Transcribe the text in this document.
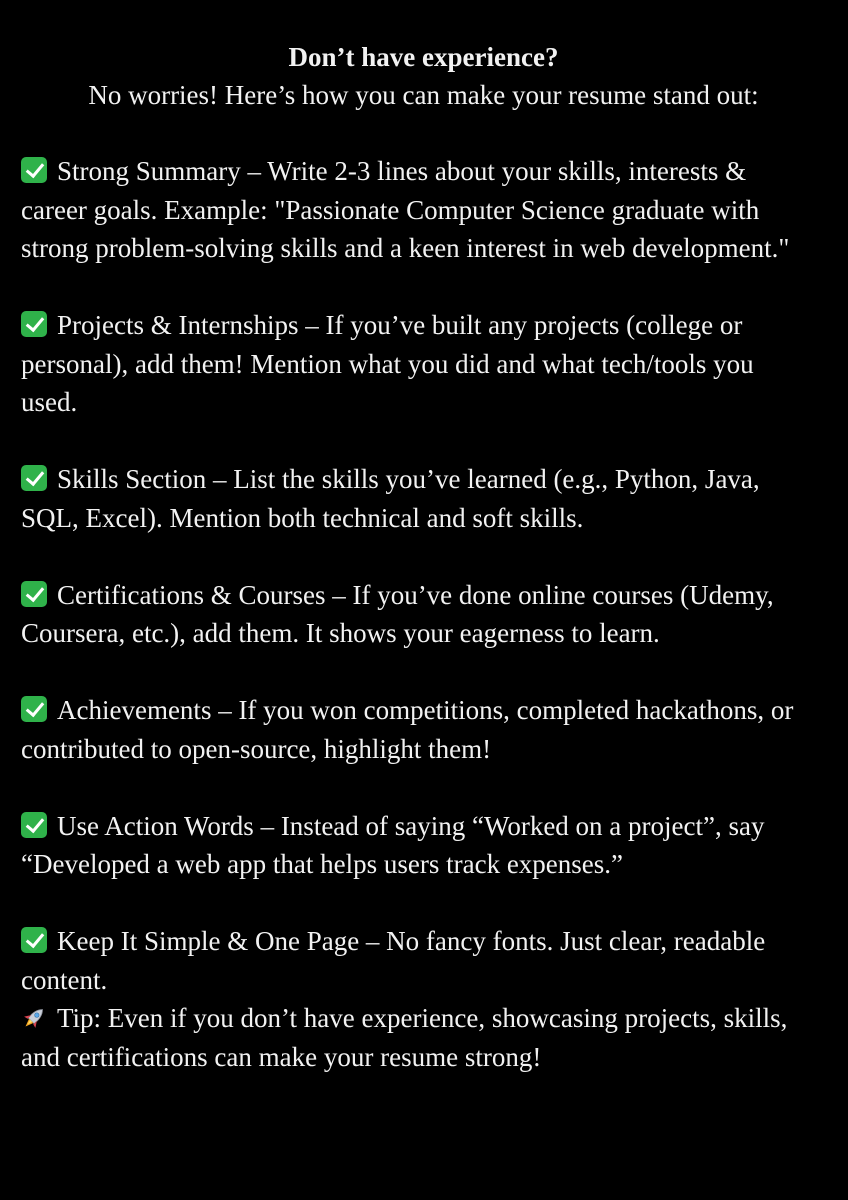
Don’t have experience?

No worries! Here’s how you can make your resume stand out:

Strong Summary – Write 2-3 lines about your skills, interests & career goals. Example: "Passionate Computer Science graduate with strong problem-solving skills and a keen interest in web development."

Projects & Internships – If you’ve built any projects (college or personal), add them! Mention what you did and what tech/tools you used.

Skills Section – List the skills you’ve learned (e.g., Python, Java, SQL, Excel). Mention both technical and soft skills.

Certifications & Courses – If you’ve done online courses (Udemy, Coursera, etc.), add them. It shows your eagerness to learn.

Achievements – If you won competitions, completed hackathons, or contributed to open-source, highlight them!

Use Action Words – Instead of saying “Worked on a project”, say “Developed a web app that helps users track expenses.”

Keep It Simple & One Page – No fancy fonts. Just clear, readable content.

Tip: Even if you don’t have experience, showcasing projects, skills, and certifications can make your resume strong!
